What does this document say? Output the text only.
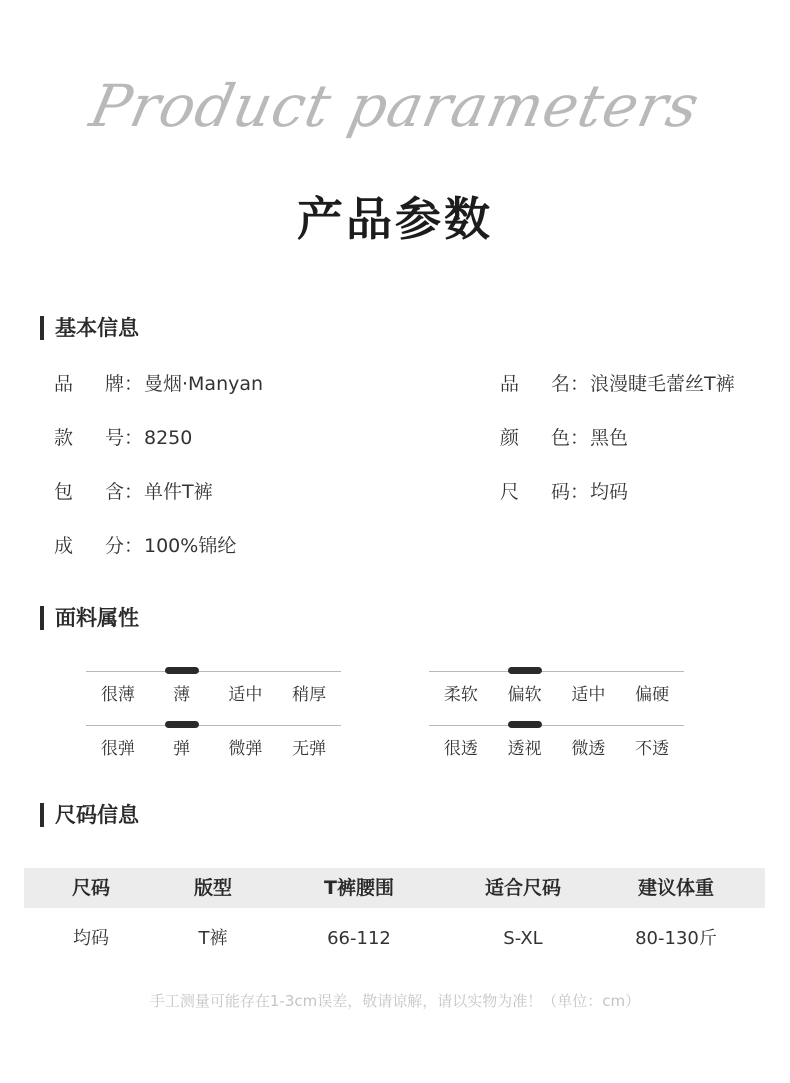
Product parameters
产品参数
基本信息
品 牌 ： 曼烟·Manyan	品 名 ： 浪漫睫毛蕾丝T裤
款 号 ： 8250	颜 色 ： 黑色
包 含 ： 单件T裤	尺 码 ： 均码
成 分 ： 100%锦纶
面料属性
很薄	薄	适中	稍厚	柔软	偏软	适中	偏硬
很弹	弹	微弹	无弹	很透	透视	微透	不透
尺码信息
尺码	版型	T裤腰围	适合尺码	建议体重
均码	T裤	66-112	S-XL	80-130斤
手工测量可能存在1-3cm误差，敬请谅解，请以实物为准！（单位：cm）
